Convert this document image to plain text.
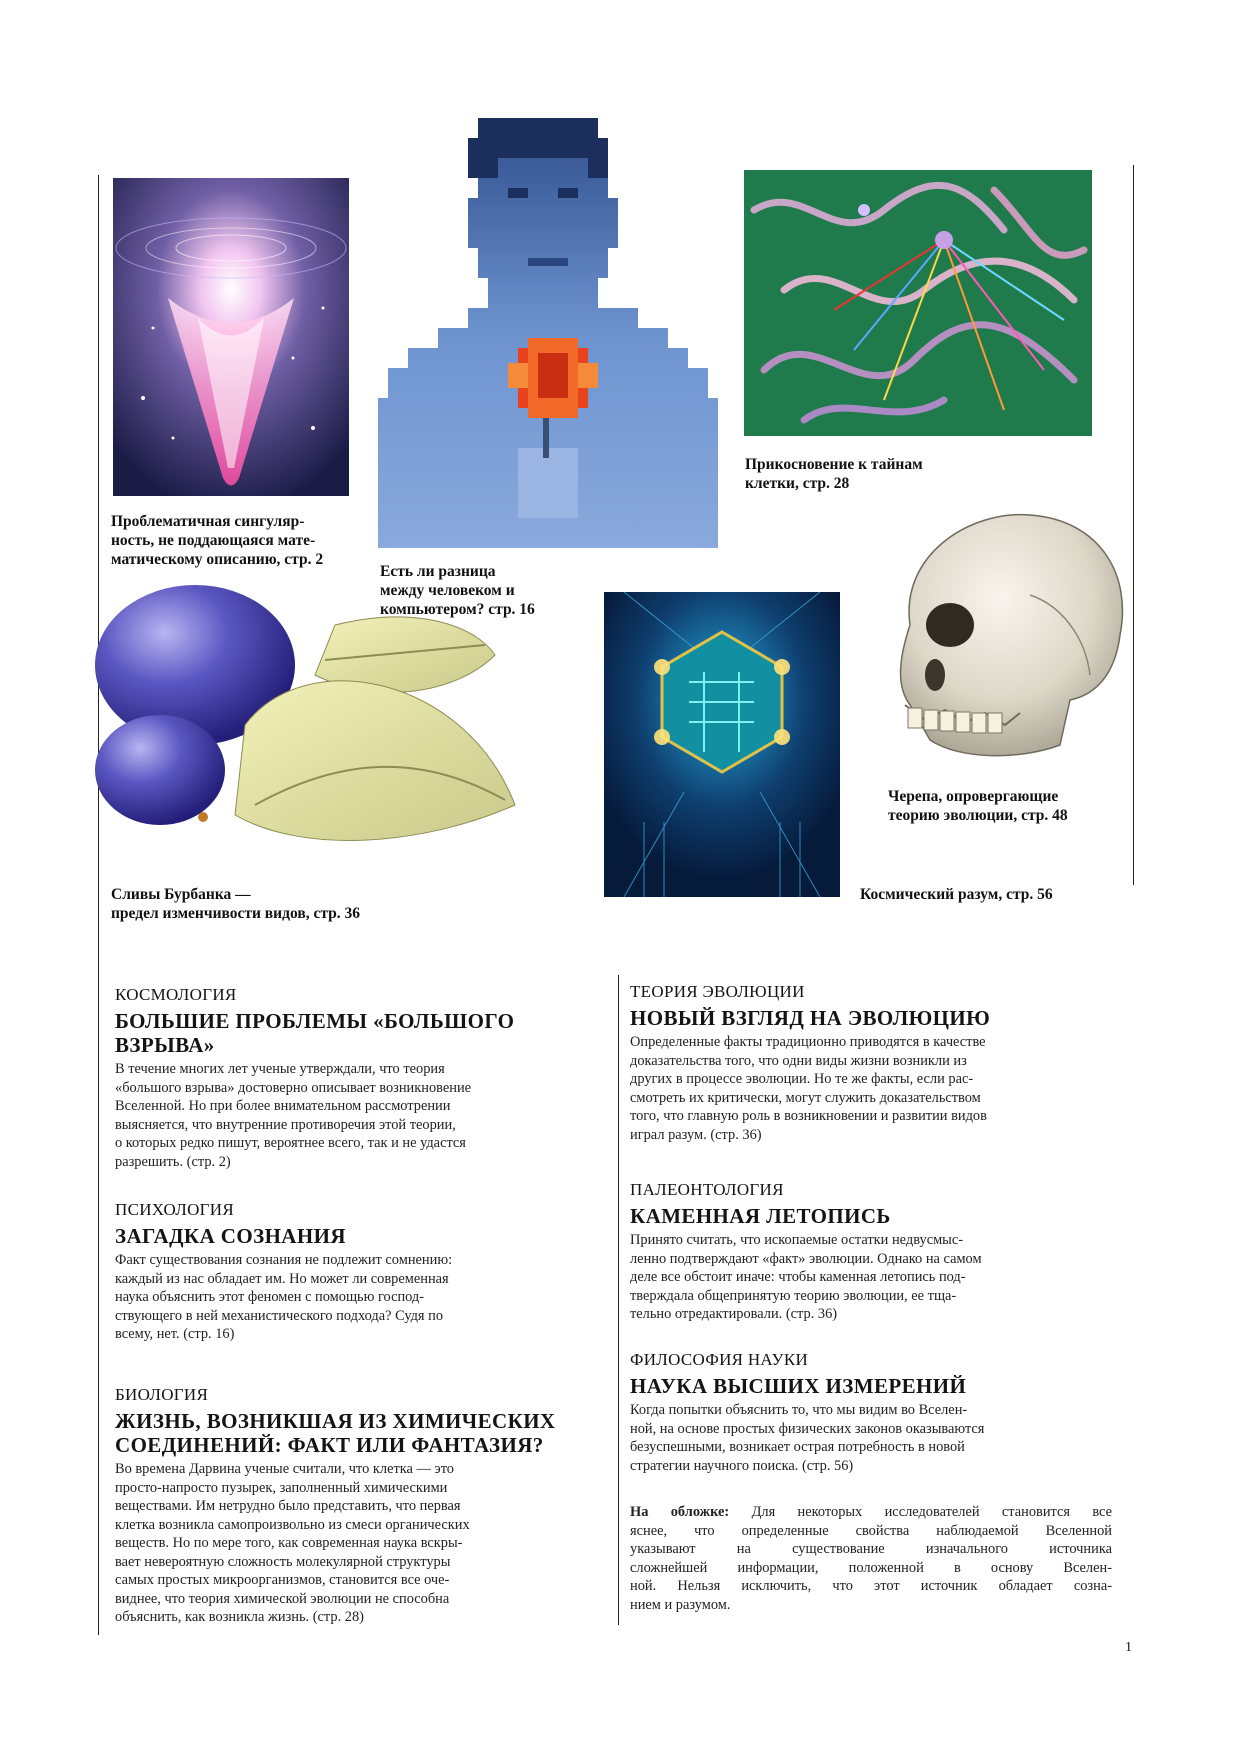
Проблематичная сингуляр-
ность, не поддающаяся мате-
матическому описанию, стр. 2
Есть ли разница
между человеком и
компьютером? стр. 16
Прикосновение к тайнам
клетки, стр. 28
Сливы Бурбанка —
предел изменчивости видов, стр. 36
Космический разум, стр. 56
Черепа, опровергающие
теорию эволюции, стр. 48
КОСМОЛОГИЯ
БОЛЬШИЕ ПРОБЛЕМЫ «БОЛЬШОГО
ВЗРЫВА»
В течение многих лет ученые утверждали, что теория
«большого взрыва» достоверно описывает возникновение
Вселенной. Но при более внимательном рассмотрении
выясняется, что внутренние противоречия этой теории,
о которых редко пишут, вероятнее всего, так и не удастся
разрешить. (стр. 2)
ПСИХОЛОГИЯ
ЗАГАДКА СОЗНАНИЯ
Факт существования сознания не подлежит сомнению:
каждый из нас обладает им. Но может ли современная
наука объяснить этот феномен с помощью господ-
ствующего в ней механистического подхода? Судя по
всему, нет. (стр. 16)
БИОЛОГИЯ
ЖИЗНЬ, ВОЗНИКШАЯ ИЗ ХИМИЧЕСКИХ
СОЕДИНЕНИЙ: ФАКТ ИЛИ ФАНТАЗИЯ?
Во времена Дарвина ученые считали, что клетка — это
просто-напросто пузырек, заполненный химическими
веществами. Им нетрудно было представить, что первая
клетка возникла самопроизвольно из смеси органических
веществ. Но по мере того, как современная наука вскры-
вает невероятную сложность молекулярной структуры
самых простых микроорганизмов, становится все оче-
виднее, что теория химической эволюции не способна
объяснить, как возникла жизнь. (стр. 28)
ТЕОРИЯ ЭВОЛЮЦИИ
НОВЫЙ ВЗГЛЯД НА ЭВОЛЮЦИЮ
Определенные факты традиционно приводятся в качестве
доказательства того, что одни виды жизни возникли из
других в процессе эволюции. Но те же факты, если рас-
смотреть их критически, могут служить доказательством
того, что главную роль в возникновении и развитии видов
играл разум. (стр. 36)
ПАЛЕОНТОЛОГИЯ
КАМЕННАЯ ЛЕТОПИСЬ
Принято считать, что ископаемые остатки недвусмыс-
ленно подтверждают «факт» эволюции. Однако на самом
деле все обстоит иначе: чтобы каменная летопись под-
тверждала общепринятую теорию эволюции, ее тща-
тельно отредактировали. (стр. 36)
ФИЛОСОФИЯ НАУКИ
НАУКА ВЫСШИХ ИЗМЕРЕНИЙ
Когда попытки объяснить то, что мы видим во Вселен-
ной, на основе простых физических законов оказываются
безуспешными, возникает острая потребность в новой
стратегии научного поиска. (стр. 56)
На обложке: Для некоторых исследователей становится все
яснее, что определенные свойства наблюдаемой Вселенной
указывают на существование изначального источника
сложнейшей информации, положенной в основу Вселен-
ной. Нельзя исключить, что этот источник обладает созна-
нием и разумом.
1
